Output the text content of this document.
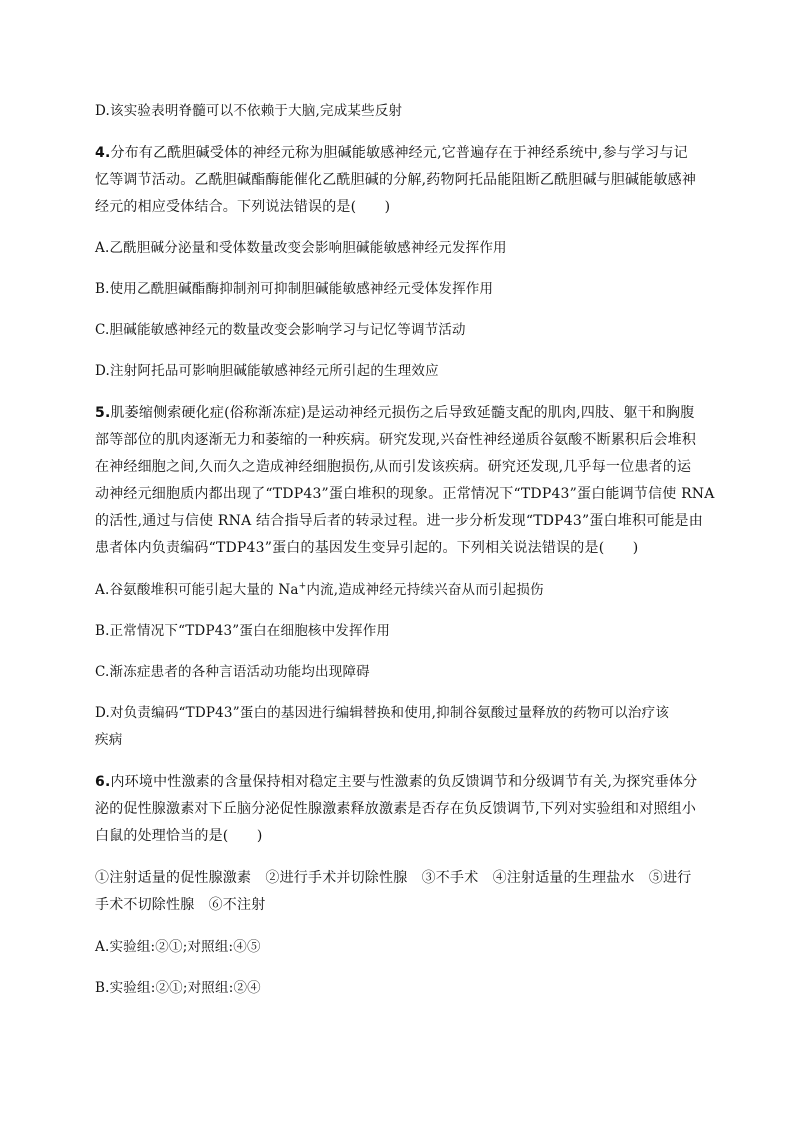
D.该实验表明脊髓可以不依赖于大脑,完成某些反射
4.分布有乙酰胆碱受体的神经元称为胆碱能敏感神经元,它普遍存在于神经系统中,参与学习与记
忆等调节活动。乙酰胆碱酯酶能催化乙酰胆碱的分解,药物阿托品能阻断乙酰胆碱与胆碱能敏感神
经元的相应受体结合。下列说法错误的是(　　)
A.乙酰胆碱分泌量和受体数量改变会影响胆碱能敏感神经元发挥作用
B.使用乙酰胆碱酯酶抑制剂可抑制胆碱能敏感神经元受体发挥作用
C.胆碱能敏感神经元的数量改变会影响学习与记忆等调节活动
D.注射阿托品可影响胆碱能敏感神经元所引起的生理效应
5.肌萎缩侧索硬化症(俗称渐冻症)是运动神经元损伤之后导致延髓支配的肌肉,四肢、躯干和胸腹
部等部位的肌肉逐渐无力和萎缩的一种疾病。研究发现,兴奋性神经递质谷氨酸不断累积后会堆积
在神经细胞之间,久而久之造成神经细胞损伤,从而引发该疾病。研究还发现,几乎每一位患者的运
动神经元细胞质内都出现了“TDP43”蛋白堆积的现象。正常情况下“TDP43”蛋白能调节信使 RNA
的活性,通过与信使 RNA 结合指导后者的转录过程。进一步分析发现“TDP43”蛋白堆积可能是由
患者体内负责编码“TDP43”蛋白的基因发生变异引起的。下列相关说法错误的是(　　)
A.谷氨酸堆积可能引起大量的 Na+内流,造成神经元持续兴奋从而引起损伤
B.正常情况下“TDP43”蛋白在细胞核中发挥作用
C.渐冻症患者的各种言语活动功能均出现障碍
D.对负责编码“TDP43”蛋白的基因进行编辑替换和使用,抑制谷氨酸过量释放的药物可以治疗该
疾病
6.内环境中性激素的含量保持相对稳定主要与性激素的负反馈调节和分级调节有关,为探究垂体分
泌的促性腺激素对下丘脑分泌促性腺激素释放激素是否存在负反馈调节,下列对实验组和对照组小
白鼠的处理恰当的是(　　)
①注射适量的促性腺激素　②进行手术并切除性腺　③不手术　④注射适量的生理盐水　⑤进行
手术不切除性腺　⑥不注射
A.实验组:②①;对照组:④⑤
B.实验组:②①;对照组:②④
